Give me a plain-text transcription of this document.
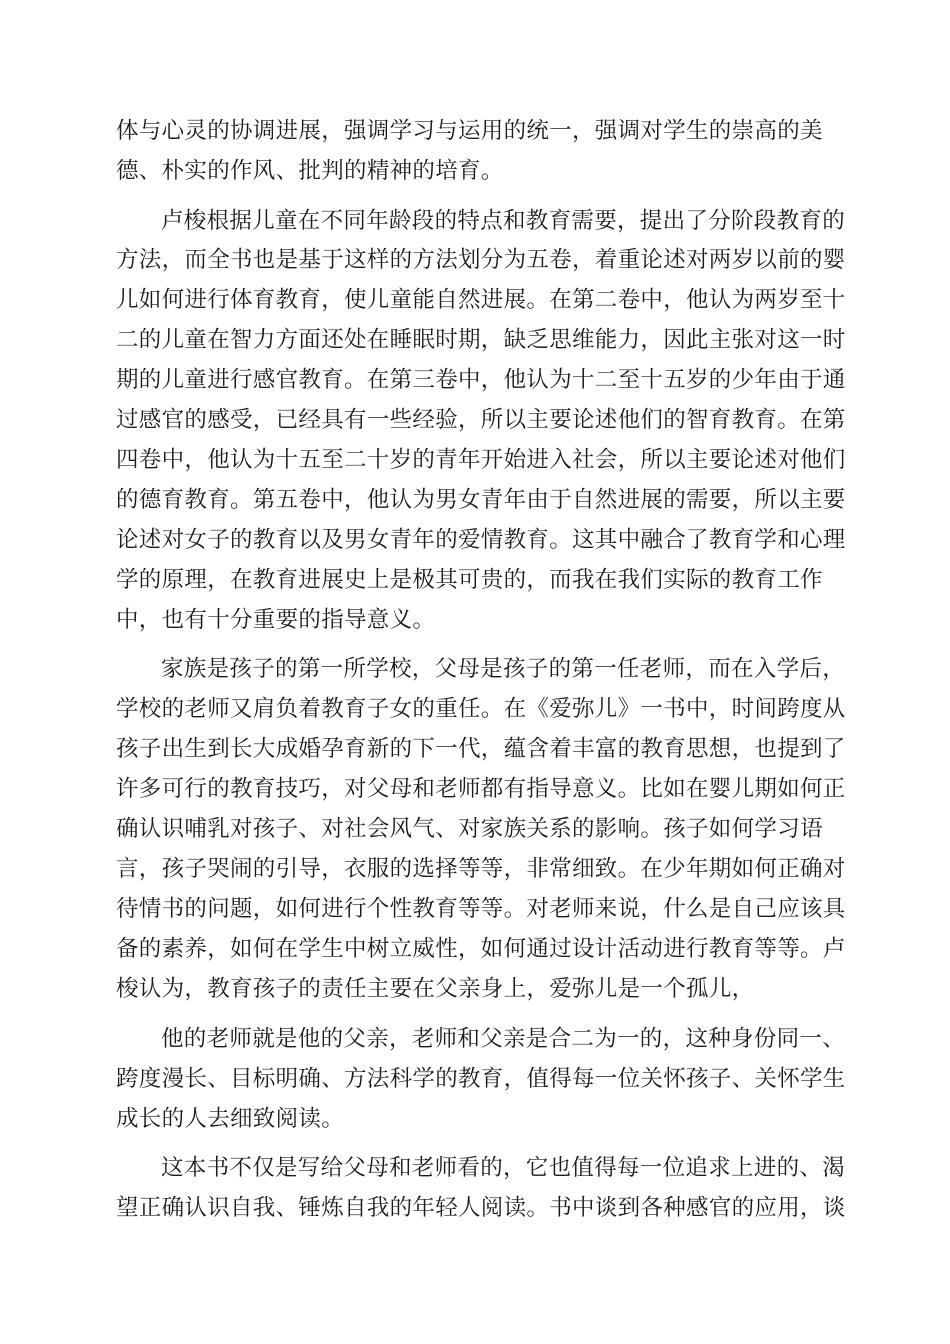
体与心灵的协调进展，强调学习与运用的统一，强调对学生的崇高的美

德、朴实的作风、批判的精神的培育。

卢梭根据儿童在不同年龄段的特点和教育需要，提出了分阶段教育的

方法，而全书也是基于这样的方法划分为五卷，着重论述对两岁以前的婴

儿如何进行体育教育，使儿童能自然进展。在第二卷中，他认为两岁至十

二的儿童在智力方面还处在睡眠时期，缺乏思维能力，因此主张对这一时

期的儿童进行感官教育。在第三卷中，他认为十二至十五岁的少年由于通

过感官的感受，已经具有一些经验，所以主要论述他们的智育教育。在第

四卷中，他认为十五至二十岁的青年开始进入社会，所以主要论述对他们

的德育教育。第五卷中，他认为男女青年由于自然进展的需要，所以主要

论述对女子的教育以及男女青年的爱情教育。这其中融合了教育学和心理

学的原理，在教育进展史上是极其可贵的，而我在我们实际的教育工作

中，也有十分重要的指导意义。

家族是孩子的第一所学校，父母是孩子的第一任老师，而在入学后，

学校的老师又肩负着教育子女的重任。在《爱弥儿》一书中，时间跨度从

孩子出生到长大成婚孕育新的下一代，蕴含着丰富的教育思想，也提到了

许多可行的教育技巧，对父母和老师都有指导意义。比如在婴儿期如何正

确认识哺乳对孩子、对社会风气、对家族关系的影响。孩子如何学习语

言，孩子哭闹的引导，衣服的选择等等，非常细致。在少年期如何正确对

待情书的问题，如何进行个性教育等等。对老师来说，什么是自己应该具

备的素养，如何在学生中树立威性，如何通过设计活动进行教育等等。卢

梭认为，教育孩子的责任主要在父亲身上，爱弥儿是一个孤儿，

他的老师就是他的父亲，老师和父亲是合二为一的，这种身份同一、

跨度漫长、目标明确、方法科学的教育，值得每一位关怀孩子、关怀学生

成长的人去细致阅读。

这本书不仅是写给父母和老师看的，它也值得每一位追求上进的、渴

望正确认识自我、锤炼自我的年轻人阅读。书中谈到各种感官的应用，谈
